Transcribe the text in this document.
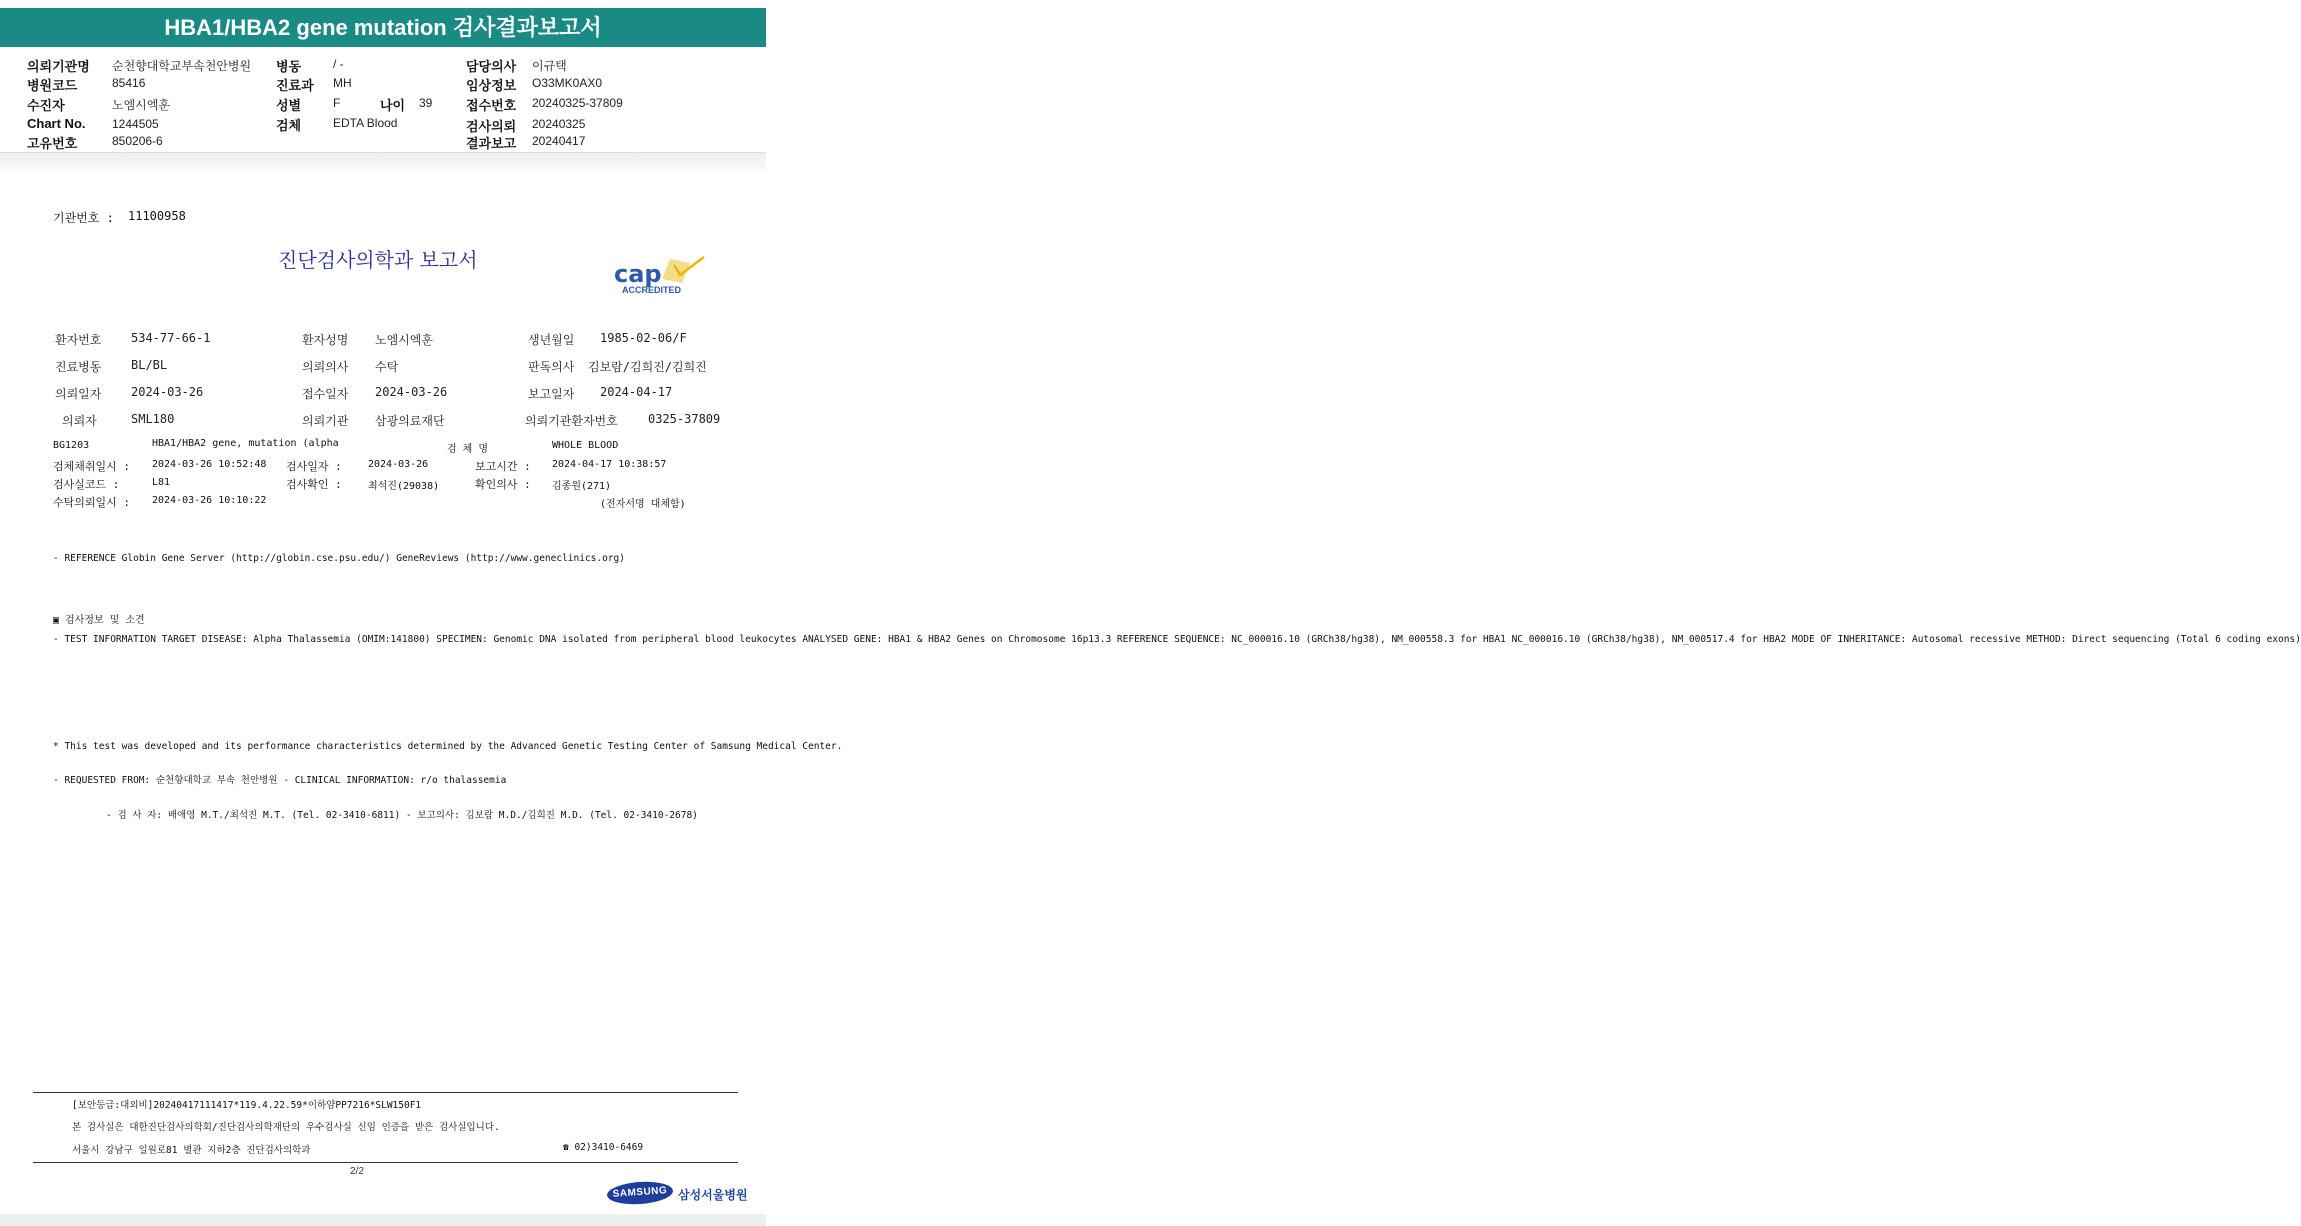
HBA1/HBA2 gene mutation 검사결과보고서
의뢰기관명 순천향대학교부속천안병원 병동	/ -	담당의사 이규택
병원코드	85416	진료과 MH	임상정보 O33MK0AX0
수진자	노엠시엑훈	성별	F	나이 39	접수번호 20240325-37809
Chart No. 1244505	검체	EDTA Blood	검사의뢰 20240325
고유번호	850206-6	결과보고 20240417
기관번호 : 11100958
진단검사의학과 보고서	cap
ACCREDITED
환자번호 534-77-66-1	환자성명 노엠시엑훈	생년월일 1985-02-06/F
진료병동 BL/BL	의뢰의사 수탁	판독의사 김보람/김희진/김희진
의뢰일자 2024-03-26	접수일자 2024-03-26	보고일자 2024-04-17
의뢰자	SML180	의뢰기관 삼광의료재단	의뢰기관환자번호	0325-37809
BG1203	HBA1/HBA2 gene, mutation (alpha
검 체 명	WHOLE BLOOD
검체채취일시 : 2024-03-26 10:52:48 검사일자 :	2024-03-26	보고시간 : 2024-04-17 10:38:57
검사실코드 :	L81	검사확인 :	최석진(29038)	확인의사 : 김종원(271)
수탁의뢰일시 : 2024-03-26 10:10:22	(전자서명 대체함)
- REFERENCE Globin Gene Server (http://globin.cse.psu.edu/) GeneReviews (http://www.geneclinics.org)
▣ 검사정보 및 소견
- TEST INFORMATION TARGET DISEASE: Alpha Thalassemia (OMIM:141800) SPECIMEN: Genomic DNA isolated from peripheral blood leukocytes ANALYSED GENE: HBA1 & HBA2 Genes on Chromosome 16p13.3 REFERENCE SEQUENCE: NC_000016.10 (GRCh38/hg38), NM_000558.3 for HBA1 NC_000016.10 (GRCh38/hg38), NM_000517.4 for HBA2 MODE OF INHERITANCE: Autosomal recessive METHOD: Direct sequencing (Total 6 coding exons)
* This test was developed and its performance characteristics determined by the Advanced Genetic Testing Center of Samsung Medical Center.
- REQUESTED FROM: 순천향대학교 부속 천안병원 - CLINICAL INFORMATION: r/o thalassemia
- 검 사 자: 배애영 M.T./최석진 M.T. (Tel. 02-3410-6811) - 보고의사: 김보람 M.D./김희진 M.D. (Tel. 02-3410-2678)
[보안등급:대외비]20240417111417*119.4.22.59*이하얌PP7216*SLW150F1
본 검사실은 대한진단검사의학회/진단검사의학재단의 우수검사실 신임 인증을 받은 검사실입니다.
서울시 강남구 일원로81 별관 지하2층 진단검사의학과	☎ 02)3410-6469
2/2
SAMSUNG 삼성서울병원
